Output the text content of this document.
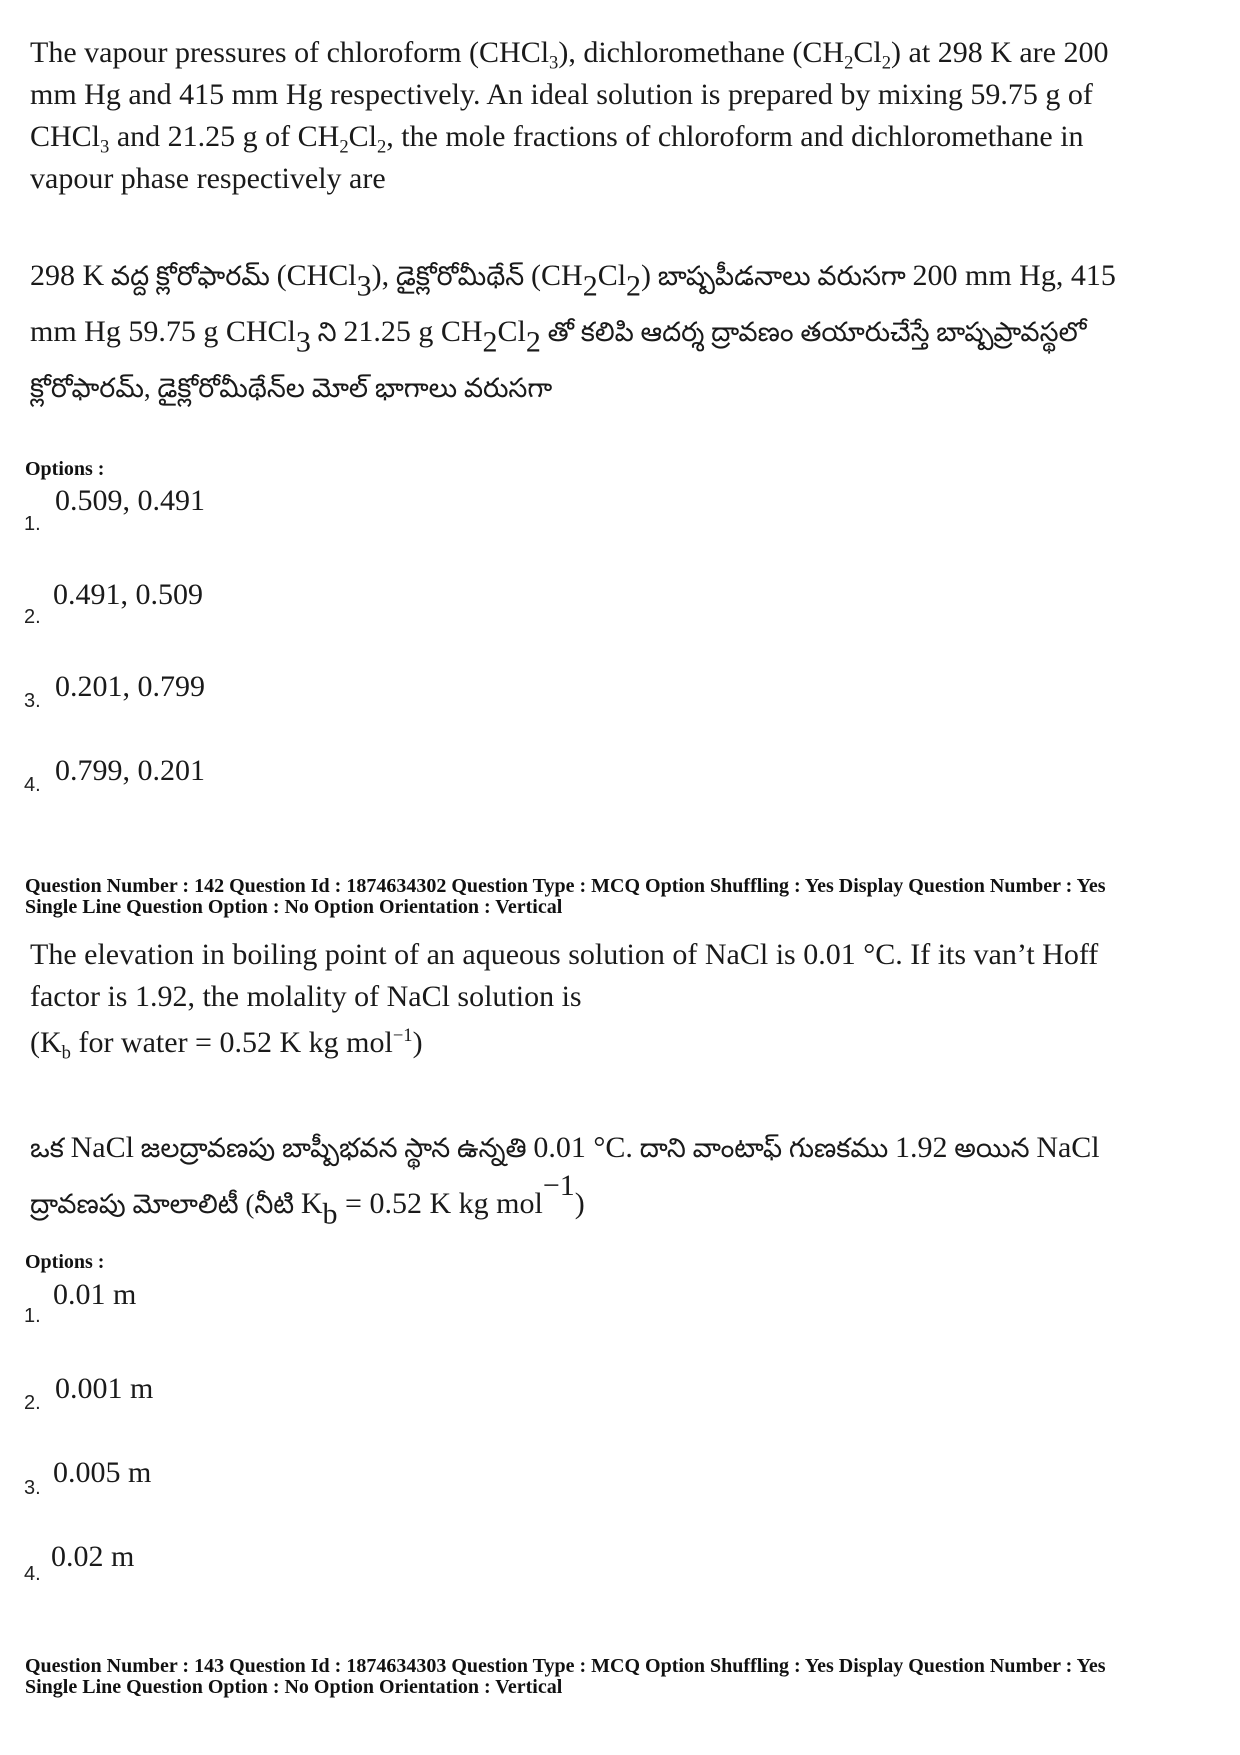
The vapour pressures of chloroform (CHCl$_3$), dichloromethane $(CH_2Cl_2)$ at 298 K are 200 mm Hg and 415 mm Hg respectively. An ideal solution is prepared by mixing 59.75 g of CHCl$_3$ and 21.25 g of $CH_2Cl_2$, the mole fractions of chloroform and dichloromethane in vapour phase respectively are
298 K వద్ద క్లోరోఫారమ్ (CHCl$_3$), డైక్లోరోమీథేన్ $(CH_2Cl_2)$ బాష్పపీడనాలు వరుసగా 200 mm Hg, 415 mm Hg 59.75 g CHCl$_3$ ని 21.25 g $CH_2Cl_2$ తో కలిపి ఆదర్శ ద్రావణం తయారుచేస్తే బాష్పప్రావస్థలో క్లోరోఫారమ్, డైక్లోరోమీథేన్‌ల మోల్ భాగాలు వరుసగా
Options :
1.
0.509, 0.491
2.
0.491, 0.509
3. 0.201, 0.799
4. 0.799, 0.201
Question Number : 142 Question Id : 1874634302 Question Type : MCQ Option Shuffling : Yes Display Question Number : Yes
Single Line Question Option : No Option Orientation : Vertical
The elevation in boiling point of an aqueous solution of NaCl is 0.01 °C. If its van’t Hoff factor is 1.92, the molality of NaCl solution is
($K_b$ for water = 0.52 K kg mol$^{-1}$)
ఒక NaCl జలద్రావణపు బాష్పీభవన స్థాన ఉన్నతి 0.01 °C. దాని వాంటాఫ్ గుణకము 1.92 అయిన NaCl ద్రావణపు మోలాలిటీ (నీటి $K_b = 0.52$ K kg mol$^{-1}$)
Options :
1.
0.01 m
2. 0.001 m
3. 0.005 m
4.
0.02 m
Question Number : 143 Question Id : 1874634303 Question Type : MCQ Option Shuffling : Yes Display Question Number : Yes
Single Line Question Option : No Option Orientation : Vertical
